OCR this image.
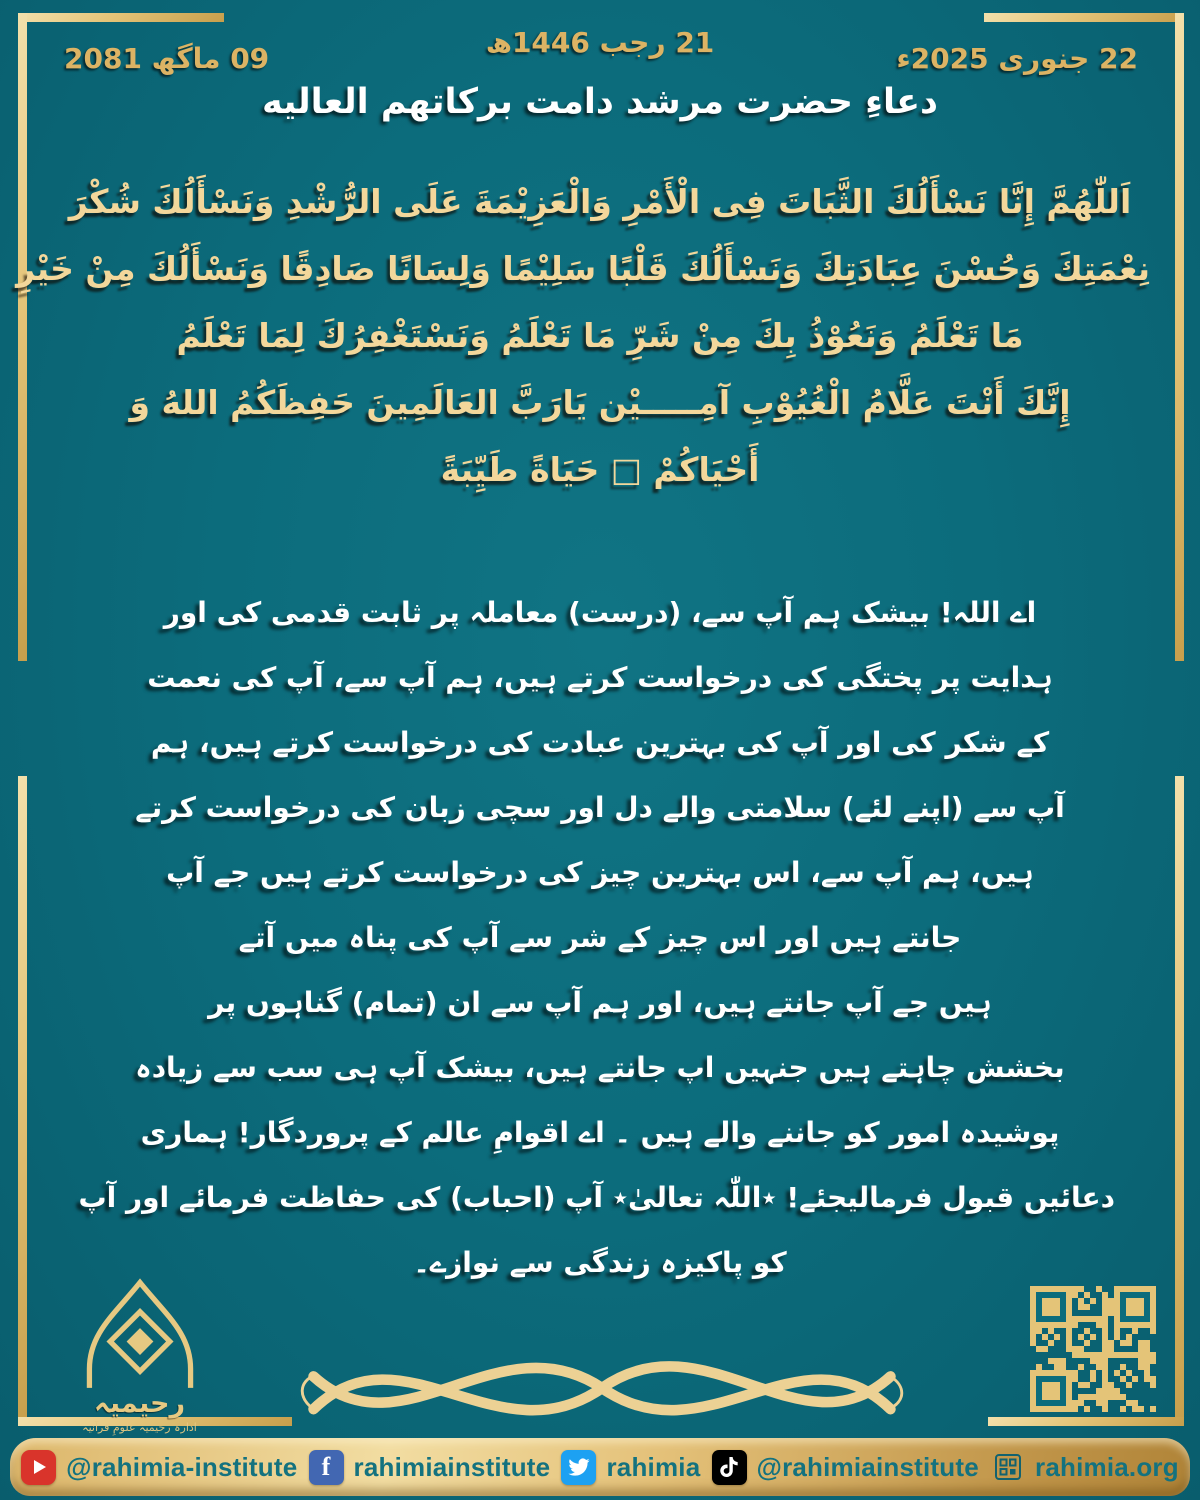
22 جنوری 2025ء
21 رجب 1446ھ
09 ماگھ 2081
دعاءِ حضرت مرشد دامت برکاتهم العاليه
اَللّٰهُمَّ إِنَّا نَسْأَلُكَ الثَّبَاتَ فِى الْأَمْرِ وَالْعَزِيْمَةَ عَلَى الرُّشْدِ وَنَسْأَلُكَ شُكْرَ
نِعْمَتِكَ وَحُسْنَ عِبَادَتِكَ وَنَسْأَلُكَ قَلْبًا سَلِيْمًا وَلِسَانًا صَادِقًا وَنَسْأَلُكَ مِنْ خَيْرِ
مَا تَعْلَمُ وَنَعُوْذُ بِكَ مِنْ شَرِّ مَا تَعْلَمُ وَنَسْتَغْفِرُكَ لِمَا تَعْلَمُ
إِنَّكَ أَنْتَ عَلَّامُ الْغُيُوْبِ آمِـــــيْن يَارَبَّ العَالَمِينَ حَفِظَكُمُ اللهُ وَ
أَحْيَاكُمْ □ حَيَاةً طَيِّبَةً
اے اللہ! بیشک ہم آپ سے، (درست) معاملہ پر ثابت قدمی کی اور
ہدایت پر پختگی کی درخواست کرتے ہیں، ہم آپ سے، آپ کی نعمت
کے شکر کی اور آپ کی بہترین عبادت کی درخواست کرتے ہیں، ہم
آپ سے (اپنے لئے) سلامتی والے دل اور سچی زبان کی درخواست کرتے
ہیں، ہم آپ سے، اس بہترین چیز کی درخواست کرتے ہیں جے آپ
جانتے ہیں اور اس چیز کے شر سے آپ کی پناہ میں آتے
ہیں جے آپ جانتے ہیں، اور ہم آپ سے ان (تمام) گناہوں پر
بخشش چاہتے ہیں جنہیں اپ جانتے ہیں، بیشک آپ ہی سب سے زیادہ
پوشیدہ امور کو جاننے والے ہیں ۔ اے اقوامِ عالم کے پروردگار! ہماری
دعائیں قبول فرمالیجئے! ٭اللّٰہ تعالیٰ٭ آپ (احباب) کی حفاظت فرمائے اور آپ
کو پاکیزہ زندگی سے نوازے۔
رحیمیہ
ادارہ رحیمیہ علومِ قرآنیہ
@rahimia-institute f rahimiainstitute rahimia @rahimiainstitute rahimia.org
